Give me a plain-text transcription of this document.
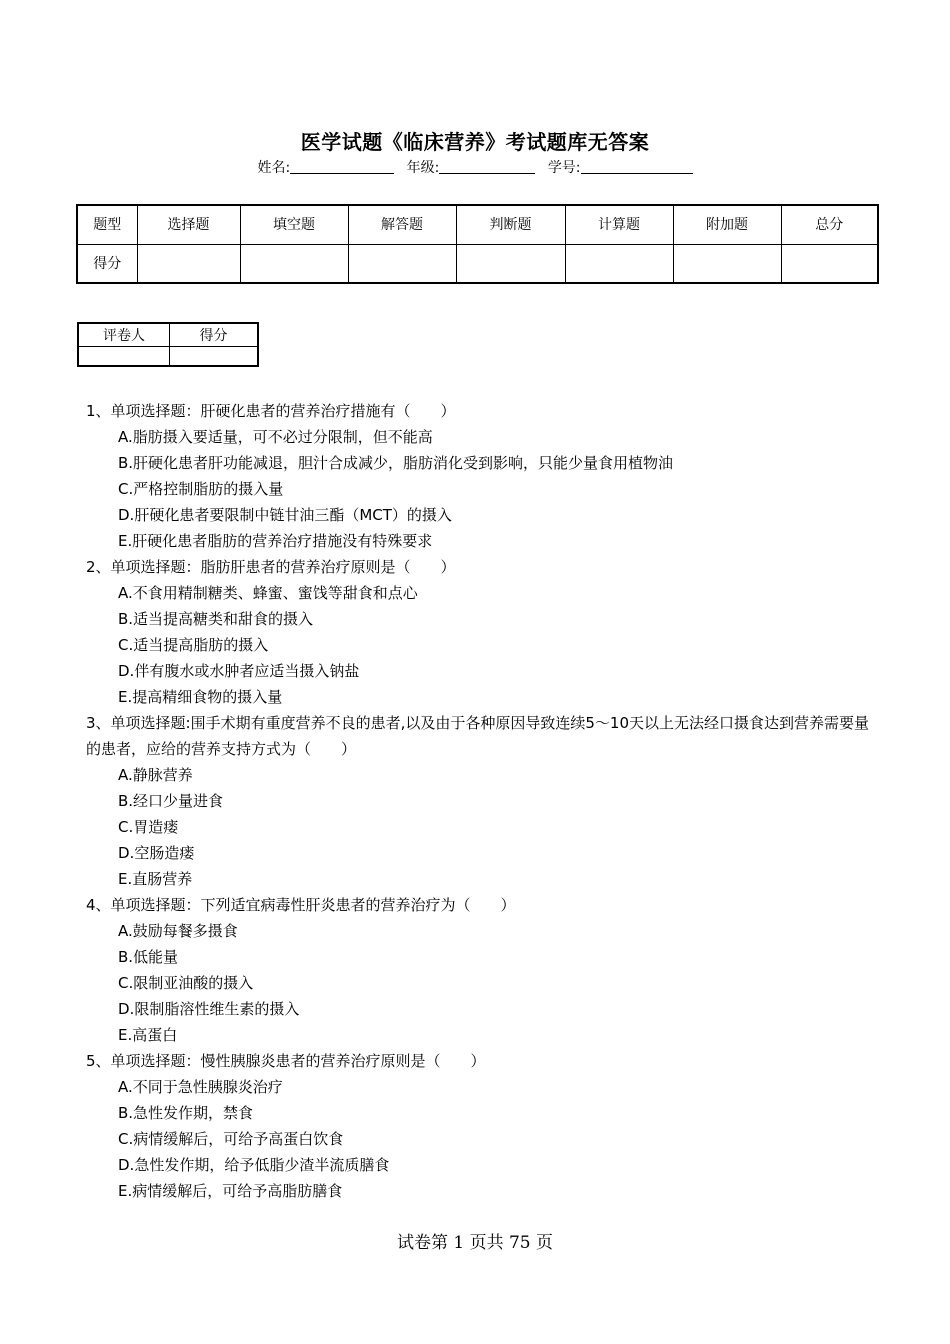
医学试题《临床营养》考试题库无答案
姓名:	年级:	学号:
题型	选择题	填空题	解答题	判断题	计算题	附加题	总分
得分							
评卷人	得分

1、单项选择题：肝硬化患者的营养治疗措施有（　　）
A.脂肪摄入要适量，可不必过分限制，但不能高
B.肝硬化患者肝功能减退，胆汁合成减少，脂肪消化受到影响，只能少量食用植物油
C.严格控制脂肪的摄入量
D.肝硬化患者要限制中链甘油三酯（MCT）的摄入
E.肝硬化患者脂肪的营养治疗措施没有特殊要求
2、单项选择题：脂肪肝患者的营养治疗原则是（　　）
A.不食用精制糖类、蜂蜜、蜜饯等甜食和点心
B.适当提高糖类和甜食的摄入
C.适当提高脂肪的摄入
D.伴有腹水或水肿者应适当摄入钠盐
E.提高精细食物的摄入量
3、单项选择题:围手术期有重度营养不良的患者,以及由于各种原因导致连续5～10天以上无法经口摄食达到营养需要量的患者，应给的营养支持方式为（　　）
A.静脉营养
B.经口少量进食
C.胃造瘘
D.空肠造瘘
E.直肠营养
4、单项选择题：下列适宜病毒性肝炎患者的营养治疗为（　　）
A.鼓励每餐多摄食
B.低能量
C.限制亚油酸的摄入
D.限制脂溶性维生素的摄入
E.高蛋白
5、单项选择题：慢性胰腺炎患者的营养治疗原则是（　　）
A.不同于急性胰腺炎治疗
B.急性发作期，禁食
C.病情缓解后，可给予高蛋白饮食
D.急性发作期，给予低脂少渣半流质膳食
E.病情缓解后，可给予高脂肪膳食
试卷第 1 页共 75 页
